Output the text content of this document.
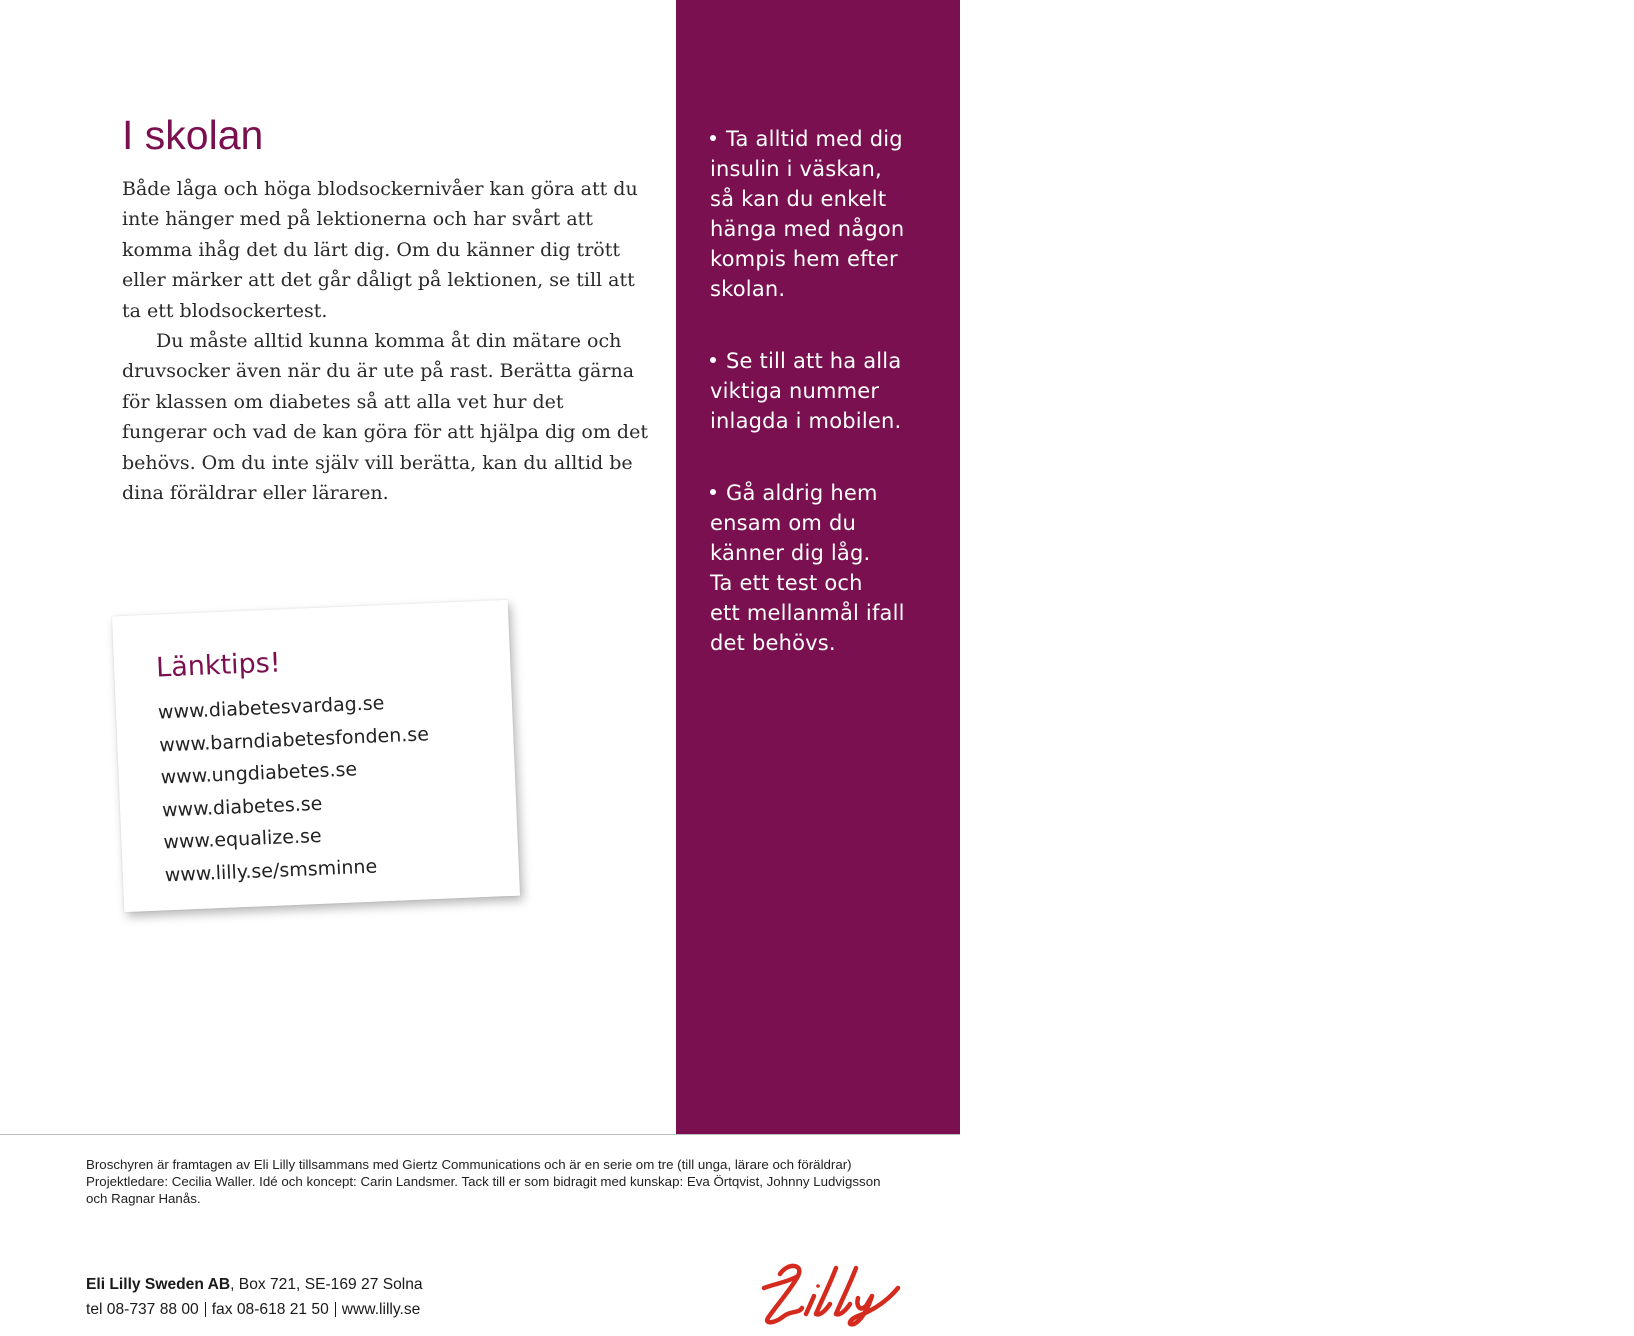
Ta alltid med dig
insulin i väskan,
så kan du enkelt
hänga med någon
kompis hem efter
skolan.
Se till att ha alla
viktiga nummer
inlagda i mobilen.
Gå aldrig hem
ensam om du
känner dig låg.
Ta ett test och
ett mellanmål ifall
det behövs.
SEHMG00156a(1)
I skolan

Både låga och höga blodsockernivåer kan göra att du inte hänger med på lektionerna och har svårt att komma ihåg det du lärt dig. Om du känner dig trött eller märker att det går dåligt på lektionen, se till att ta ett blodsockertest.

Du måste alltid kunna komma åt din mätare och druvsocker även när du är ute på rast. Berätta gärna för klassen om diabetes så att alla vet hur det fungerar och vad de kan göra för att hjälpa dig om det behövs. Om du inte själv vill berätta, kan du alltid be dina föräldrar eller läraren.

Länktips!
www.diabetesvardag.se
www.barndiabetesfonden.se
www.ungdiabetes.se
www.diabetes.se
www.equalize.se
www.lilly.se/smsminne

Broschyren är framtagen av Eli Lilly tillsammans med Giertz Communications och är en serie om tre (till unga, lärare och föräldrar) Projektledare: Cecilia Waller. Idé och koncept: Carin Landsmer. Tack till er som bidragit med kunskap: Eva Örtqvist, Johnny Ludvigsson och Ragnar Hanås.

Eli Lilly Sweden AB, Box 721, SE-169 27 Solna
tel 08-737 88 00 fax 08-618 21 50 www.lilly.se
